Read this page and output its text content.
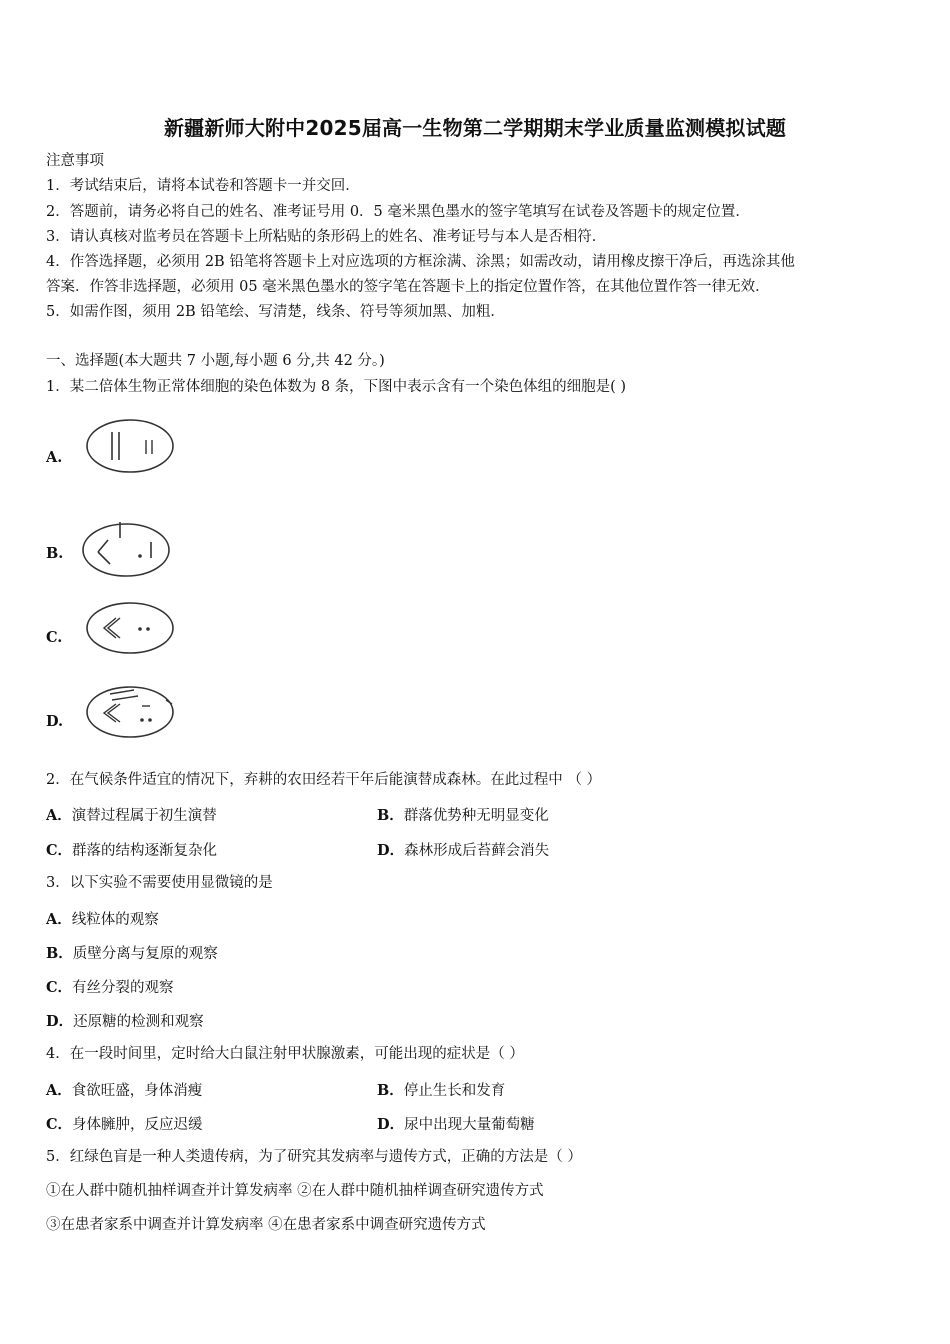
新疆新师大附中2025届高一生物第二学期期末学业质量监测模拟试题
注意事项
1．考试结束后，请将本试卷和答题卡一并交回．
2．答题前，请务必将自己的姓名、准考证号用 0．5 毫米黑色墨水的签字笔填写在试卷及答题卡的规定位置．
3．请认真核对监考员在答题卡上所粘贴的条形码上的姓名、准考证号与本人是否相符．
4．作答选择题，必须用 2B 铅笔将答题卡上对应选项的方框涂满、涂黑；如需改动，请用橡皮擦干净后，再选涂其他
答案．作答非选择题，必须用 05 毫米黑色墨水的签字笔在答题卡上的指定位置作答，在其他位置作答一律无效．
5．如需作图，须用 2B 铅笔绘、写清楚，线条、符号等须加黑、加粗．
一、选择题(本大题共 7 小题,每小题 6 分,共 42 分。)
1．某二倍体生物正常体细胞的染色体数为 8 条，下图中表示含有一个染色体组的细胞是( )
A.
B.
C.
D.
2．在气候条件适宜的情况下，弃耕的农田经若干年后能演替成森林。在此过程中 （ ）
A．演替过程属于初生演替	B．群落优势种无明显变化
C．群落的结构逐渐复杂化	D．森林形成后苔藓会消失
3．以下实验不需要使用显微镜的是
A．线粒体的观察
B．质壁分离与复原的观察
C．有丝分裂的观察
D．还原糖的检测和观察
4．在一段时间里，定时给大白鼠注射甲状腺激素，可能出现的症状是（ ）
A．食欲旺盛，身体消瘦	B．停止生长和发育
C．身体臃肿，反应迟缓	D．尿中出现大量葡萄糖
5．红绿色盲是一种人类遗传病，为了研究其发病率与遗传方式，正确的方法是（ ）
①在人群中随机抽样调查并计算发病率 ②在人群中随机抽样调查研究遗传方式
③在患者家系中调查并计算发病率 ④在患者家系中调查研究遗传方式
